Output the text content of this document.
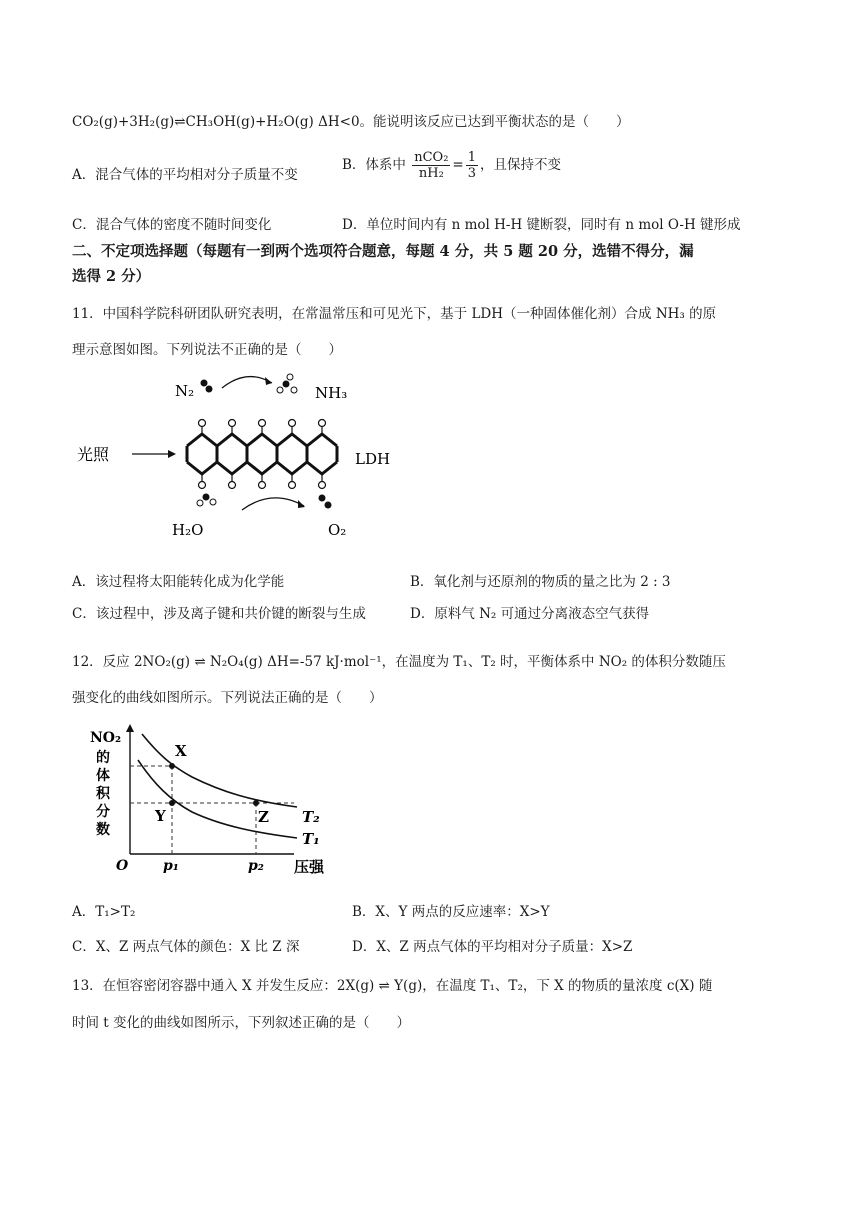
CO₂(g)+3H₂(g)⇌CH₃OH(g)+H₂O(g) ΔH<0。能说明该反应已达到平衡状态的是（　　）
A．混合气体的平均相对分子质量不变
B．体系中 $\frac{\text{nCO₂}}{\text{nH₂}} = \frac{1}{3}$ ，且保持不变
C．混合气体的密度不随时间变化	D．单位时间内有 n mol H-H 键断裂，同时有 n mol O-H 键形成
二、不定项选择题（每题有一到两个选项符合题意，每题 4 分，共 5 题 20 分，选错不得分，漏
选得 2 分）
11．中国科学院科研团队研究表明，在常温常压和可见光下，基于 LDH（一种固体催化剂）合成 NH₃ 的原
理示意图如图。下列说法不正确的是（　　）
N₂	NH₃
光照	LDH
H₂O	O₂
A．该过程将太阳能转化成为化学能	B．氧化剂与还原剂的物质的量之比为 2 : 3
C．该过程中，涉及离子键和共价键的断裂与生成	D．原料气 N₂ 可通过分离液态空气获得
12．反应 2NO₂(g) ⇌ N₂O₄(g) ΔH=-57 kJ·mol⁻¹，在温度为 T₁、T₂ 时，平衡体系中 NO₂ 的体积分数随压
强变化的曲线如图所示。下列说法正确的是（　　）
NO₂
的
体
积
分
数
O p₁	p₂ 压强
X
Y	Z T₂
T₁
A．T₁>T₂	B．X、Y 两点的反应速率：X>Y
C．X、Z 两点气体的颜色：X 比 Z 深	D．X、Z 两点气体的平均相对分子质量：X>Z
13．在恒容密闭容器中通入 X 并发生反应：2X(g) ⇌ Y(g)，在温度 T₁、T₂，下 X 的物质的量浓度 c(X) 随
时间 t 变化的曲线如图所示，下列叙述正确的是（　　）
